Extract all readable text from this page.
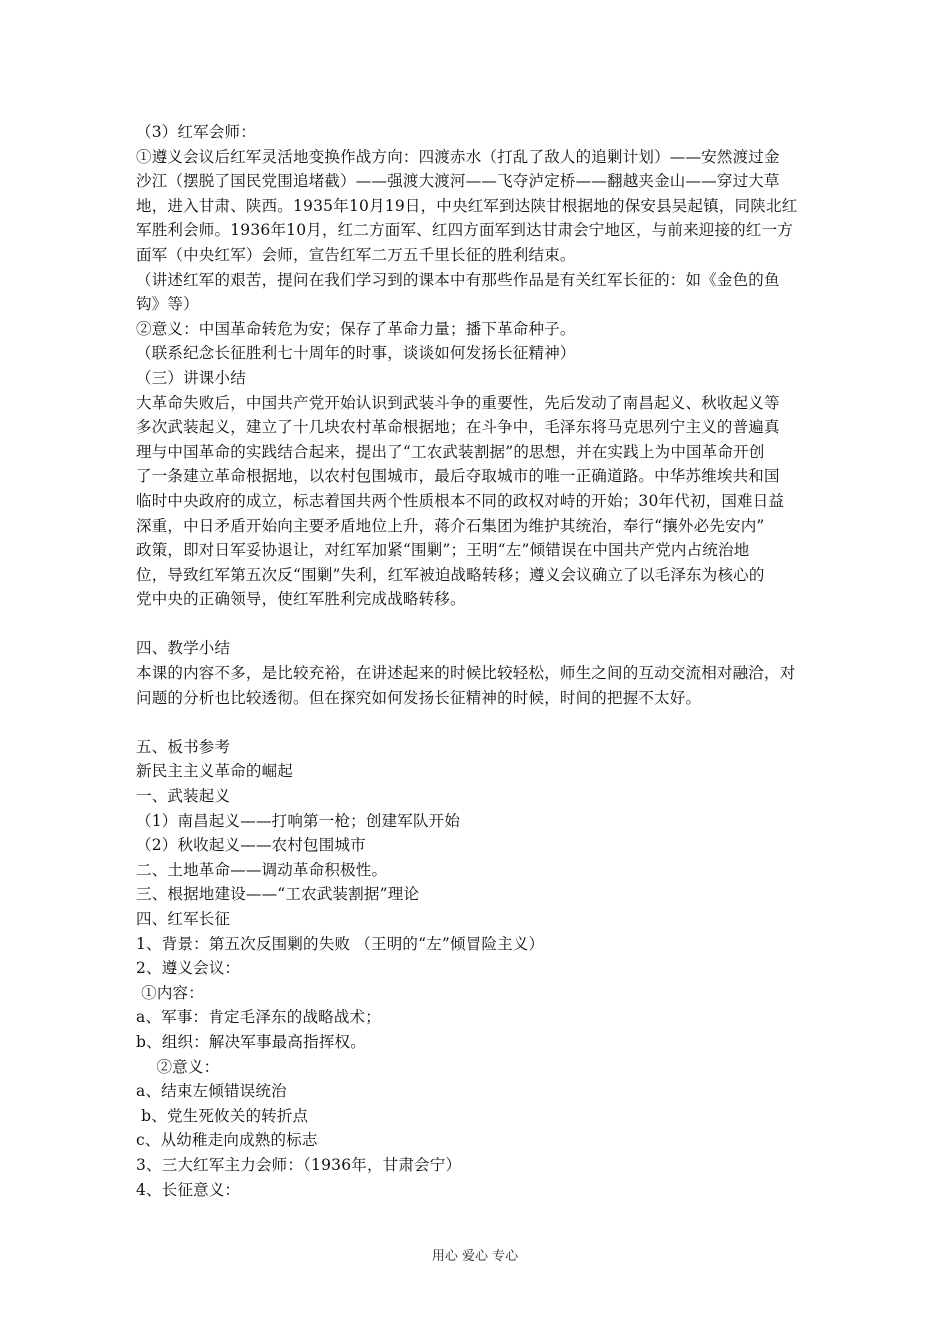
（3）红军会师：
①遵义会议后红军灵活地变换作战方向：四渡赤水（打乱了敌人的追剿计划）——安然渡过金
沙江（摆脱了国民党围追堵截）——强渡大渡河——飞夺泸定桥——翻越夹金山——穿过大草
地，进入甘肃、陕西。1935年10月19日，中央红军到达陕甘根据地的保安县吴起镇，同陕北红
军胜利会师。1936年10月，红二方面军、红四方面军到达甘肃会宁地区，与前来迎接的红一方
面军（中央红军）会师，宣告红军二万五千里长征的胜利结束。
（讲述红军的艰苦，提问在我们学习到的课本中有那些作品是有关红军长征的：如《金色的鱼
钩》等）
②意义：中国革命转危为安；保存了革命力量；播下革命种子。
（联系纪念长征胜利七十周年的时事，谈谈如何发扬长征精神）
（三）讲课小结
大革命失败后，中国共产党开始认识到武装斗争的重要性，先后发动了南昌起义、秋收起义等
多次武装起义，建立了十几块农村革命根据地；在斗争中，毛泽东将马克思列宁主义的普遍真
理与中国革命的实践结合起来，提出了“工农武装割据”的思想，并在实践上为中国革命开创
了一条建立革命根据地，以农村包围城市，最后夺取城市的唯一正确道路。中华苏维埃共和国
临时中央政府的成立，标志着国共两个性质根本不同的政权对峙的开始；30年代初，国难日益
深重，中日矛盾开始向主要矛盾地位上升，蒋介石集团为维护其统治，奉行“攘外必先安内”
政策，即对日军妥协退让，对红军加紧“围剿”；王明“左”倾错误在中国共产党内占统治地
位，导致红军第五次反“围剿”失利，红军被迫战略转移；遵义会议确立了以毛泽东为核心的
党中央的正确领导，使红军胜利完成战略转移。
四、教学小结
本课的内容不多，是比较充裕，在讲述起来的时候比较轻松，师生之间的互动交流相对融洽，对
问题的分析也比较透彻。但在探究如何发扬长征精神的时候，时间的把握不太好。
五、板书参考
新民主主义革命的崛起
一、武装起义
（1）南昌起义——打响第一枪；创建军队开始
（2）秋收起义——农村包围城市
二、土地革命——调动革命积极性。
三、根据地建设——“工农武装割据”理论
四、红军长征
1、背景：第五次反围剿的失败 （王明的“左”倾冒险主义）
2、遵义会议：
①内容：
a、军事：肯定毛泽东的战略战术；
b、组织：解决军事最高指挥权。
②意义：
a、结束左倾错误统治
b、党生死攸关的转折点
c、从幼稚走向成熟的标志
3、三大红军主力会师：（1936年，甘肃会宁）
4、长征意义：
用心 爱心 专心
